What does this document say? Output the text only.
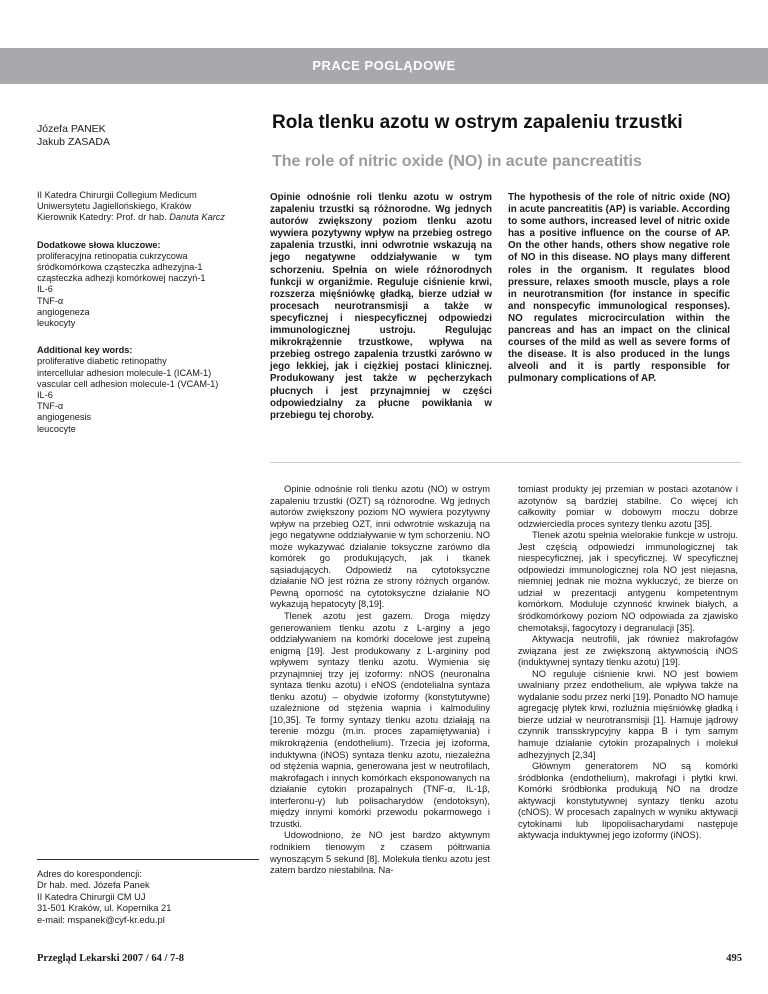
PRACE POGLĄDOWE
Józefa PANEK
Jakub ZASADA
Rola tlenku azotu w ostrym zapaleniu trzustki
The role of nitric oxide (NO) in acute pancreatitis
II Katedra Chirurgii Collegium Medicum
Uniwersytetu Jagiellońskiego, Kraków
Kierownik Katedry: Prof. dr hab. Danuta Karcz
Dodatkowe słowa kluczowe:
proliferacyjna retinopatia cukrzycowa
śródkomórkowa cząsteczka adhezyjna-1
cząsteczka adhezji komórkowej naczyń-1
IL-6
TNF-α
angiogeneza
leukocyty
Additional key words:
proliferative diabetic retinopathy
intercellular adhesion molecule-1 (ICAM-1)
vascular cell adhesion molecule-1 (VCAM-1)
IL-6
TNF-α
angiogenesis
leucocyte
Opinie odnośnie roli tlenku azotu w ostrym zapaleniu trzustki są różnorodne. Wg jednych autorów zwiększony poziom tlenku azotu wywiera pozytywny wpływ na przebieg ostrego zapalenia trzustki, inni odwrotnie wskazują na jego negatywne oddziaływanie w tym schorzeniu. Spełnia on wiele różnorodnych funkcji w organiźmie. Reguluje ciśnienie krwi, rozszerza mięśniówkę gładką, bierze udział w procesach neurotransmisji a także w specyficznej i niespecyficznej odpowiedzi immunologicznej ustroju. Regulując mikrokrążennie trzustkowe, wpływa na przebieg ostrego zapalenia trzustki zarówno w jego lekkiej, jak i ciężkiej postaci klinicznej. Produkowany jest także w pęcherzykach płucnych i jest przynajmniej w części odpowiedzialny za płucne powikłania w przebiegu tej choroby.
The hypothesis of the role of nitric oxide (NO) in acute pancreatitis (AP) is variable. According to some authors, increased level of nitric oxide has a positive influence on the course of AP. On the other hands, others show negative role of NO in this disease. NO plays many different roles in the organism. It regulates blood pressure, relaxes smooth muscle, plays a role in neurotransmition (for instance in specific and nonspecyfic immunological responses). NO regulates microcirculation within the pancreas and has an impact on the clinical courses of the mild as well as severe forms of the disease. It is also produced in the lungs alveoli and it is partly responsible for pulmonary complications of AP.

Opinie odnośnie roli tlenku azotu (NO) w ostrym zapaleniu trzustki (OZT) są różnorodne. Wg jednych autorów zwiększony poziom NO wywiera pozytywny wpływ na przebieg OZT, inni odwrotnie wskazują na jego negatywne oddziaływanie w tym schorzeniu. NO może wykazywać działanie toksyczne zarówno dla komórek go produkujących, jak i tkanek sąsiadujących. Odpowiedź na cytotoksyczne działanie NO jest różna ze strony różnych organów. Pewną oporność na cytotoksyczne działanie NO wykazują hepatocyty [8,19].

Tlenek azotu jest gazem. Droga między generowaniem tlenku azotu z L-arginy a jego oddziaływaniem na komórki docelowe jest zupełną enigmą [19]. Jest produkowany z L-argininy pod wpływem syntazy tlenku azotu. Wymienia się przynajmniej trzy jej izoformy: nNOS (neuronalna syntaza tlenku azotu) i eNOS (endotelialna syntaza tlenku azotu) – obydwie izoformy (konstytutywne) uzależnione od stężenia wapnia i kalmoduliny [10,35]. Te formy syntazy tlenku azotu działają na terenie mózgu (m.in. proces zapamiętywania) i mikrokrążenia (endothelium). Trzecia jej izoforma, induktywna (iNOS) syntaza tlenku azotu, niezależna od stężenia wapnia, generowana jest w neutrofilach, makrofagach i innych komórkach eksponowanych na działanie cytokin prozapalnych (TNF-α, IL-1β, interferonu-γ) lub polisacharydów (endotoksyn), między innymi komórki przewodu pokarmowego i trzustki.

Udowodniono, że NO jest bardzo aktywnym rodnikiem tlenowym z czasem półtrwania wynoszącym 5 sekund [8]. Molekuła tlenku azotu jest zatem bardzo niestabilna. Na-

tomiast produkty jej przemian w postaci azotanów i azotynów są bardziej stabilne. Co więcej ich całkowity pomiar w dobowym moczu dobrze odzwierciedla proces syntezy tlenku azotu [35].

Tlenek azotu spełnia wielorakie funkcje w ustroju. Jest częścią odpowiedzi immunologicznej tak niespecyficznej, jak i specyficznej. W specyficznej odpowiedzi immunologicznej rola NO jest niejasna, niemniej jednak nie można wykluczyć, że bierze on udział w prezentacji antygenu kompetentnym komórkom. Moduluje czynność krwinek białych, a śródkomórkowy poziom NO odpowiada za zjawisko chemotaksji, fagocytozy i degranulacji [35].

Aktywacja neutrofili, jak również makrofagów związana jest ze zwiększoną aktywnością iNOS (induktywnej syntazy tlenku azotu) [19].

NO reguluje ciśnienie krwi. NO jest bowiem uwalniany przez endothelium, ale wpływa także na wydalanie sodu przez nerki [19]. Ponadto NO hamuje agregację płytek krwi, rozluźnia mięśniówkę gładką i bierze udział w neurotransmisji [1]. Hamuje jądrowy czynnik transskrypcyjny kappa B i tym samym hamuje działanie cytokin prozapalnych i molekuł adhezyjnych [2,34]

Głównym generatorem NO są komórki śródbłonka (endothelium), makrofagi i płytki krwi. Komórki śródbłonka produkują NO na drodze aktywacji konstytutywnej syntazy tlenku azotu (cNOS). W procesach zapalnych w wyniku aktywacji cytokinami lub lipopolisacharydami następuje aktywacja induktywnej jego izoformy (iNOS).

Adres do korespondencji:
Dr hab. med. Józefa Panek
II Katedra Chirurgii CM UJ
31-501 Kraków, ul. Kopernika 21
e-mail: mspanek@cyf-kr.edu.pl
Przegląd Lekarski 2007 / 64 / 7-8	495
